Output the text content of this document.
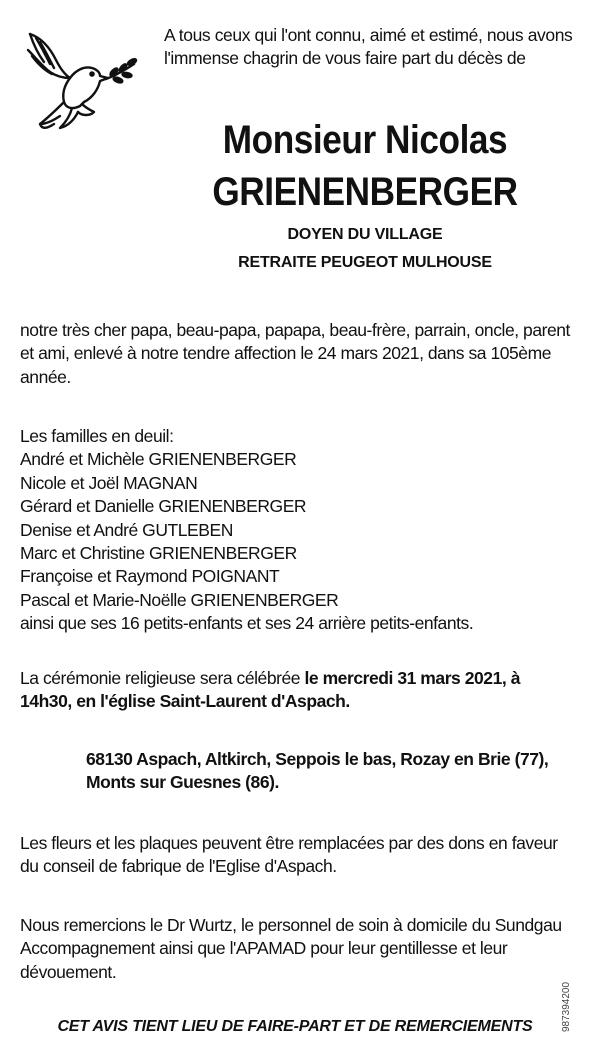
A tous ceux qui l'ont connu, aimé et estimé, nous avons l'immense chagrin de vous faire part du décès de
Monsieur Nicolas
GRIENENBERGER
DOYEN DU VILLAGE
RETRAITE PEUGEOT MULHOUSE
notre très cher papa, beau-papa, papapa, beau-frère, parrain, oncle, parent et ami, enlevé à notre tendre affection le 24 mars 2021, dans sa 105ème année.
Les familles en deuil:
André et Michèle GRIENENBERGER
Nicole et Joël MAGNAN
Gérard et Danielle GRIENENBERGER
Denise et André GUTLEBEN
Marc et Christine GRIENENBERGER
Françoise et Raymond POIGNANT
Pascal et Marie-Noëlle GRIENENBERGER
ainsi que ses 16 petits-enfants et ses 24 arrière petits-enfants.
La cérémonie religieuse sera célébrée le mercredi 31 mars 2021, à 14h30, en l'église Saint-Laurent d'Aspach.
68130 Aspach, Altkirch, Seppois le bas, Rozay en Brie (77), Monts sur Guesnes (86).
Les fleurs et les plaques peuvent être remplacées par des dons en faveur du conseil de fabrique de l'Eglise d'Aspach.
Nous remercions le Dr Wurtz, le personnel de soin à domicile du Sundgau Accompagnement ainsi que l'APAMAD pour leur gentillesse et leur dévouement.
CET AVIS TIENT LIEU DE FAIRE-PART ET DE REMERCIEMENTS	987394200
